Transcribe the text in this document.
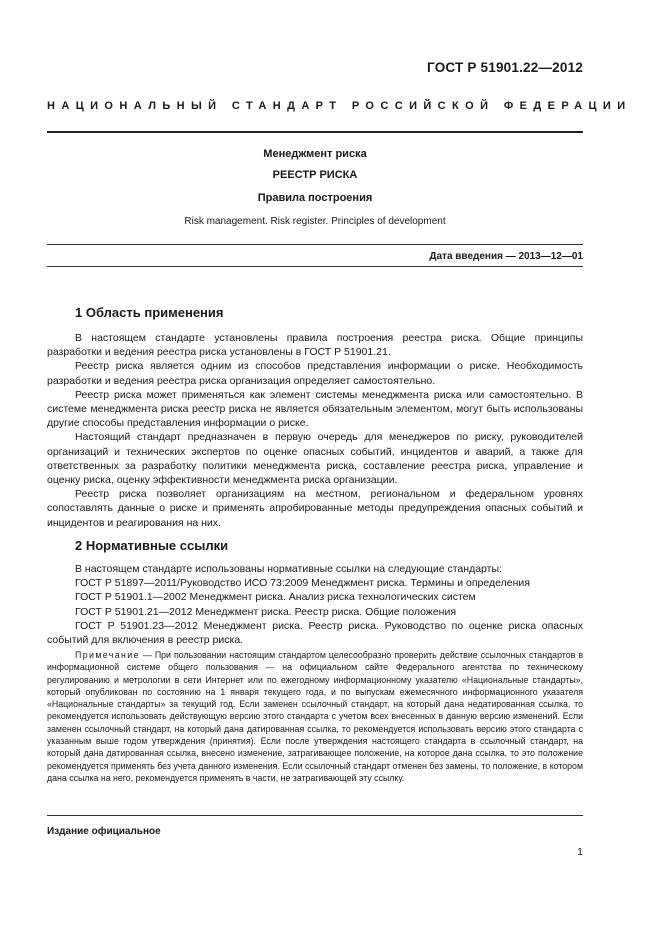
ГОСТ Р 51901.22—2012
НАЦИОНАЛЬНЫЙ СТАНДАРТ РОССИЙСКОЙ ФЕДЕРАЦИИ
Менеджмент риска
РЕЕСТР РИСКА
Правила построения
Risk management. Risk register. Principles of development
Дата введения — 2013—12—01
1 Область применения

В настоящем стандарте установлены правила построения реестра риска. Общие принципы разработки и ведения реестра риска установлены в ГОСТ Р 51901.21.

Реестр риска является одним из способов представления информации о риске. Необходимость разработки и ведения реестра риска организация определяет самостоятельно.

Реестр риска может применяться как элемент системы менеджмента риска или самостоятельно. В системе менеджмента риска реестр риска не является обязательным элементом, могут быть использованы другие способы представления информации о риске.

Настоящий стандарт предназначен в первую очередь для менеджеров по риску, руководителей организаций и технических экспертов по оценке опасных событий, инцидентов и аварий, а также для ответственных за разработку политики менеджмента риска, составление реестра риска, управление и оценку риска, оценку эффективности менеджмента риска организации.

Реестр риска позволяет организациям на местном, региональном и федеральном уровнях сопоставлять данные о риске и применять апробированные методы предупреждения опасных событий и инцидентов и реагирования на них.

2 Нормативные ссылки

В настоящем стандарте использованы нормативные ссылки на следующие стандарты:

ГОСТ Р 51897—2011/Руководство ИСО 73:2009 Менеджмент риска. Термины и определения

ГОСТ Р 51901.1—2002 Менеджмент риска. Анализ риска технологических систем

ГОСТ Р 51901.21—2012 Менеджмент риска. Реестр риска. Общие положения

ГОСТ Р 51901.23—2012 Менеджмент риска. Реестр риска. Руководство по оценке риска опасных событий для включения в реестр риска.

Примечание — При пользовании настоящим стандартом целесообразно проверить действие ссылочных стандартов в информационной системе общего пользования — на официальном сайте Федерального агентства по техническому регулированию и метрологии в сети Интернет или по ежегодному информационному указателю «Национальные стандарты», который опубликован по состоянию на 1 января текущего года, и по выпускам ежемесячного информационного указателя «Национальные стандарты» за текущий год. Если заменен ссылочный стандарт, на который дана недатированная ссылка, то рекомендуется использовать действующую версию этого стандарта с учетом всех внесенных в данную версию изменений. Если заменен ссылочный стандарт, на который дана датированная ссылка, то рекомендуется использовать версию этого стандарта с указанным выше годом утверждения (принятия). Если после утверждения настоящего стандарта в ссылочный стандарт, на который дана датированная ссылка, внесено изменение, затрагивающее положение, на которое дана ссылка, то это положение рекомендуется применять без учета данного изменения. Если ссылочный стандарт отменен без замены, то положение, в котором дана ссылка на него, рекомендуется применять в части, не затрагивающей эту ссылку.

Издание официальное
1
